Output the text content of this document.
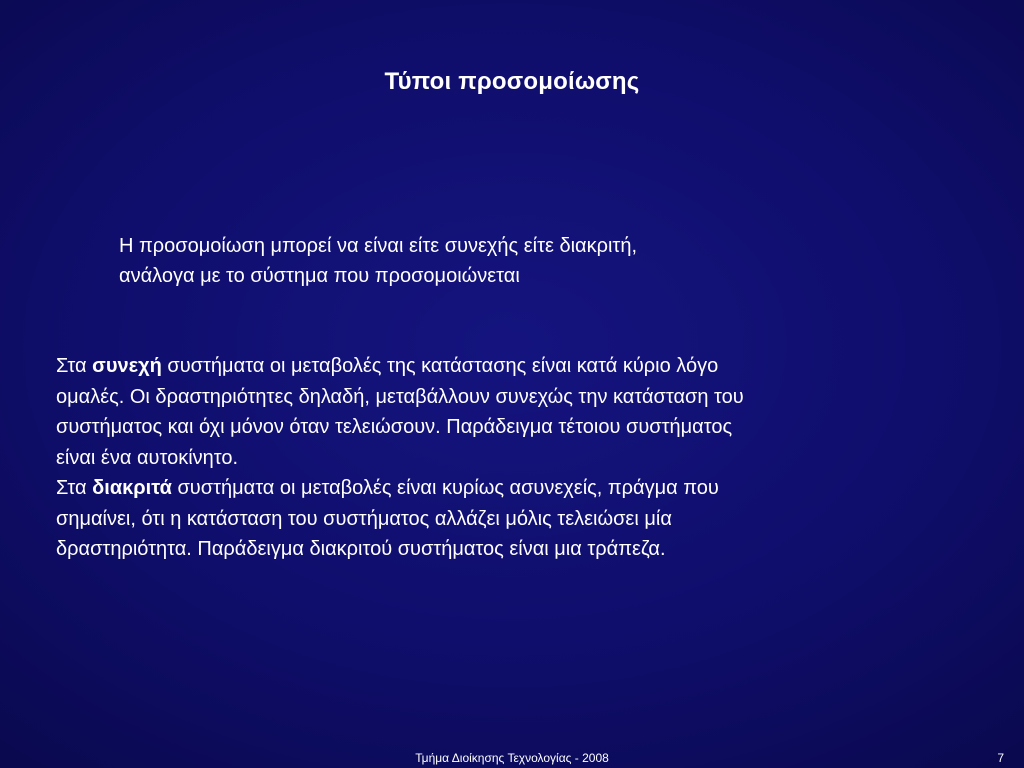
Τύποι προσομοίωσης
Η προσομοίωση μπορεί να είναι είτε συνεχής είτε διακριτή,
ανάλογα με το σύστημα που προσομοιώνεται
Στα συνεχή συστήματα οι μεταβολές της κατάστασης είναι κατά κύριο λόγο
ομαλές. Οι δραστηριότητες δηλαδή, μεταβάλλουν συνεχώς την κατάσταση του
συστήματος και όχι μόνον όταν τελειώσουν. Παράδειγμα τέτοιου συστήματος
είναι ένα αυτοκίνητο.
Στα διακριτά συστήματα οι μεταβολές είναι κυρίως ασυνεχείς, πράγμα που
σημαίνει, ότι η κατάσταση του συστήματος αλλάζει μόλις τελειώσει μία
δραστηριότητα. Παράδειγμα διακριτού συστήματος είναι μια τράπεζα.
Τμήμα Διοίκησης Τεχνολογίας - 2008	7
